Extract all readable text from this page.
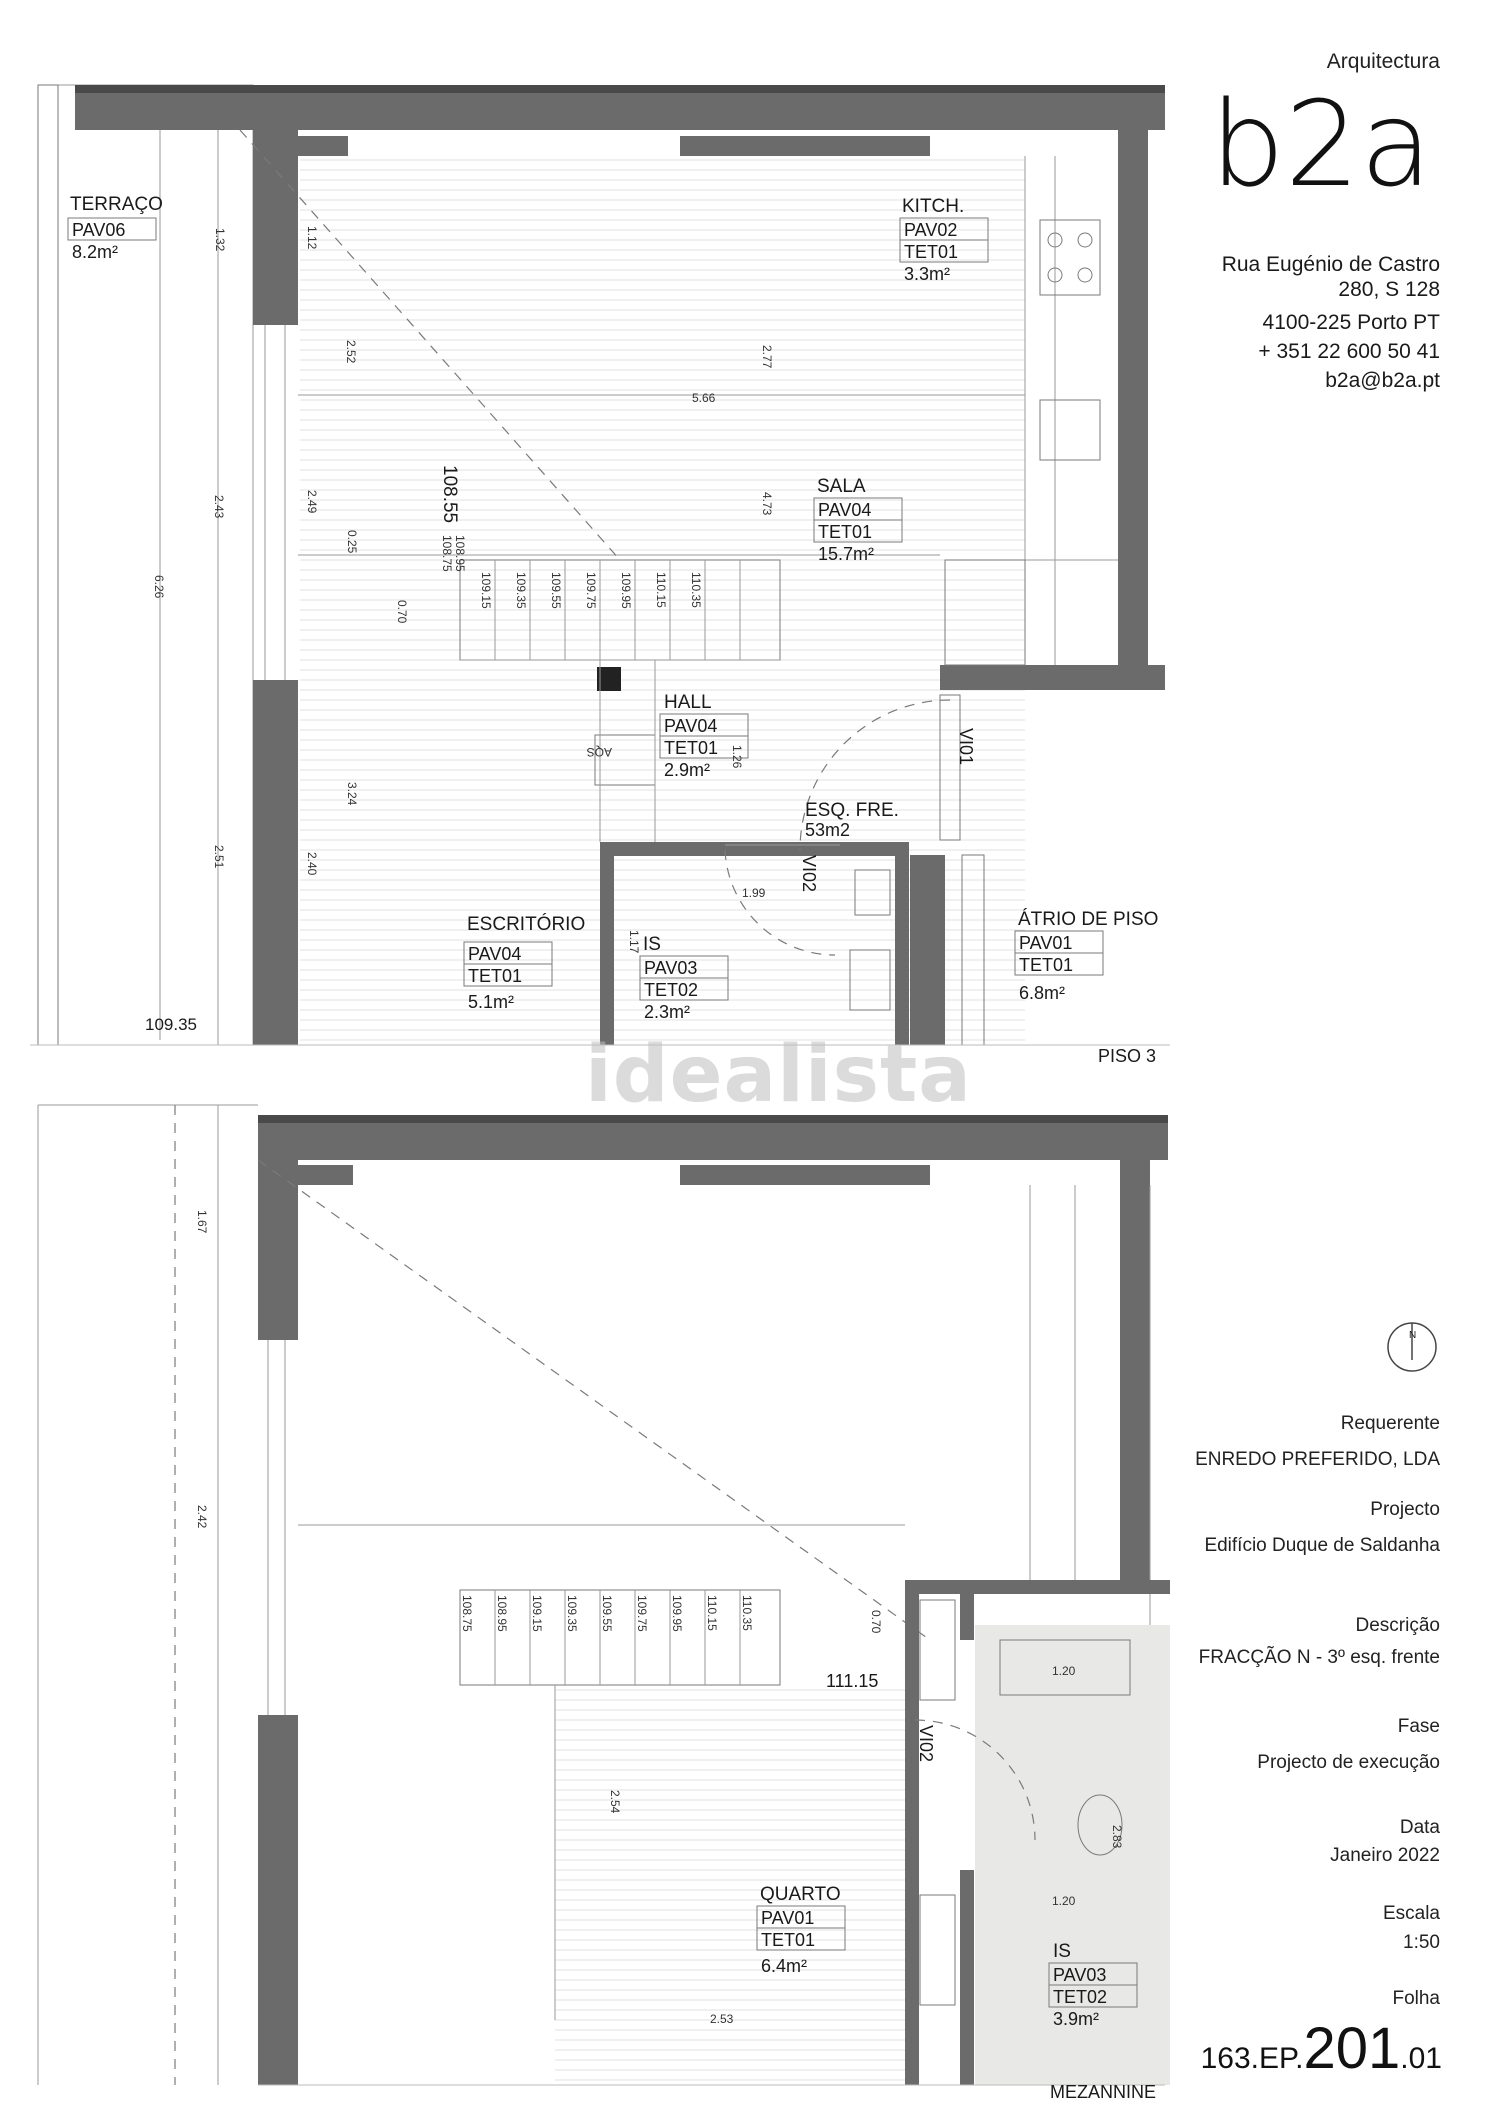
TERRAÇO
PAV06
8.2m²
KITCH.
PAV02
TET01
3.3m²
SALA
PAV04
TET01
15.7m²
HALL
PAV04
TET01
2.9m²
ESQ. FRE.
53m2
ÁTRIO DE PISO
PAV01
TET01
6.8m²
ESCRITÓRIO
PAV04
TET01
5.1m²
IS
PAV03
TET02
2.3m²
VI01
VI02
AQS
108.55
109.35
1.32	1.12
2.52	2.77
5.66
2.43	2.49
0.25
0.70
4.73
6.26
1.26
3.24
2.51	2.40
1.99
1.17
108.75 108.95
109.15 109.35 109.55 109.75 109.95 110.15 110.35
PISO 3
QUARTO
PAV01
TET01
6.4m²
IS
PAV03
TET02
3.9m²
VI02
111.15
1.67
2.42
0.70
2.54
2.53
1.20
2.83
1.20
108.75 108.95 109.15 109.35 109.55 109.75 109.95 110.15 110.35
MEZANNINE
N
b2a
Arquitectura
Rua Eugénio de Castro
280, S 128
4100-225 Porto PT
+ 351 22 600 50 41
b2a@b2a.pt
Requerente
ENREDO PREFERIDO, LDA
Projecto
Edifício Duque de Saldanha
Descrição
FRACÇÃO N - 3º esq. frente
Fase
Projecto de execução
Data
Janeiro 2022
Escala
1:50
Folha
163.EP.201.01
idealista
